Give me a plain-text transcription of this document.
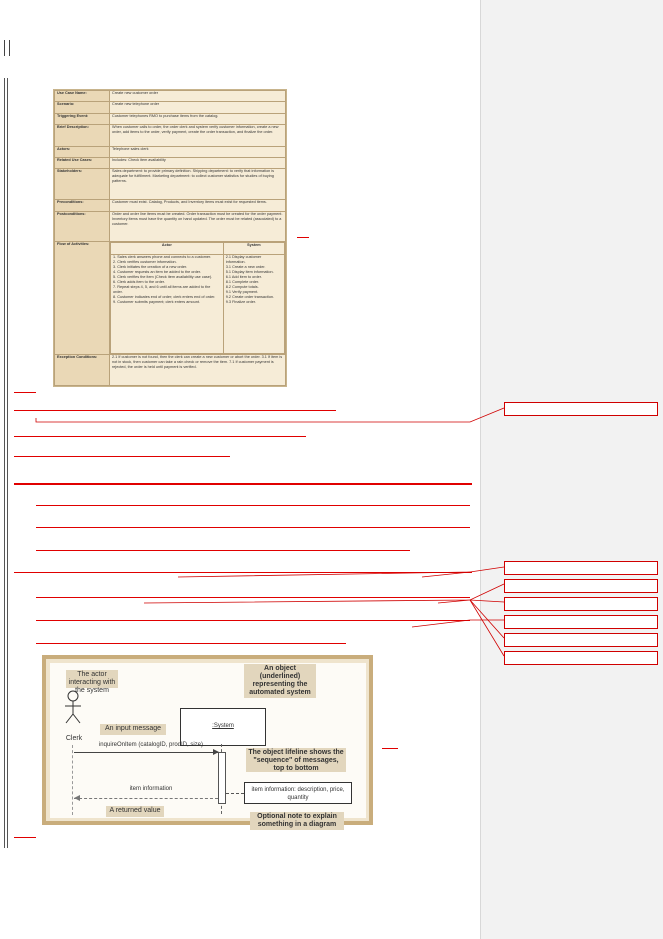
Use Case Name:	Create new customer order
Scenario:	Create new telephone order
Triggering Event:	Customer telephones RMO to purchase items from the catalog.
Brief Description:	When customer calls to order, the order clerk and system verify customer information, create a new order, add items to the order, verify payment, create the order transaction, and finalize the order.
Actors:	Telephone sales clerk
Related Use Cases:	Includes: Check item availability
Stakeholders:	Sales department: to provide primary definition. Shipping department: to verify that information is adequate for fulfillment. Marketing department: to collect customer statistics for studies of buying patterns.
Preconditions:	Customer must exist. Catalog, Products, and Inventory items must exist for requested items.
Postconditions:	Order and order line items must be created. Order transaction must be created for the order payment. Inventory items must have the quantity on hand updated. The order must be related (associated) to a customer.
Flow of Activities:		Actor	System

1. Sales clerk answers phone and connects to a customer.
2. Clerk verifies customer information.
3. Clerk initiates the creation of a new order.
4. Customer requests an item be added to the order.
5. Clerk verifies the item (Check item availability use case).
6. Clerk adds item to the order.
7. Repeat steps 4, 5, and 6 until all items are added to the order.
8. Customer indicates end of order; clerk enters end of order.
9. Customer submits payment; clerk enters amount.

2.1 Display customer information.
3.1 Create a new order.
5.1 Display item information.
6.1 Add item to order.
8.1 Complete order.
8.2 Compute totals.
9.1 Verify payment.
9.2 Create order transaction.
9.3 Finalize order.

Exception Conditions:	2.1 If customer is not found, then the clerk can create a new customer or abort the order. 3.1 If item is not in stock, then customer can take a rain check or remove the item. 7.1 If customer payment is rejected, the order is held until payment is verified.
Clerk
The actor interacting with the system
An object (underlined) representing the automated system
An input message
The object lifeline shows the "sequence" of messages, top to bottom
A returned value
Optional note to explain something in a diagram
:System
inquireOnItem (catalogID, prodID, size)
item information	item information: description, price, quantity
